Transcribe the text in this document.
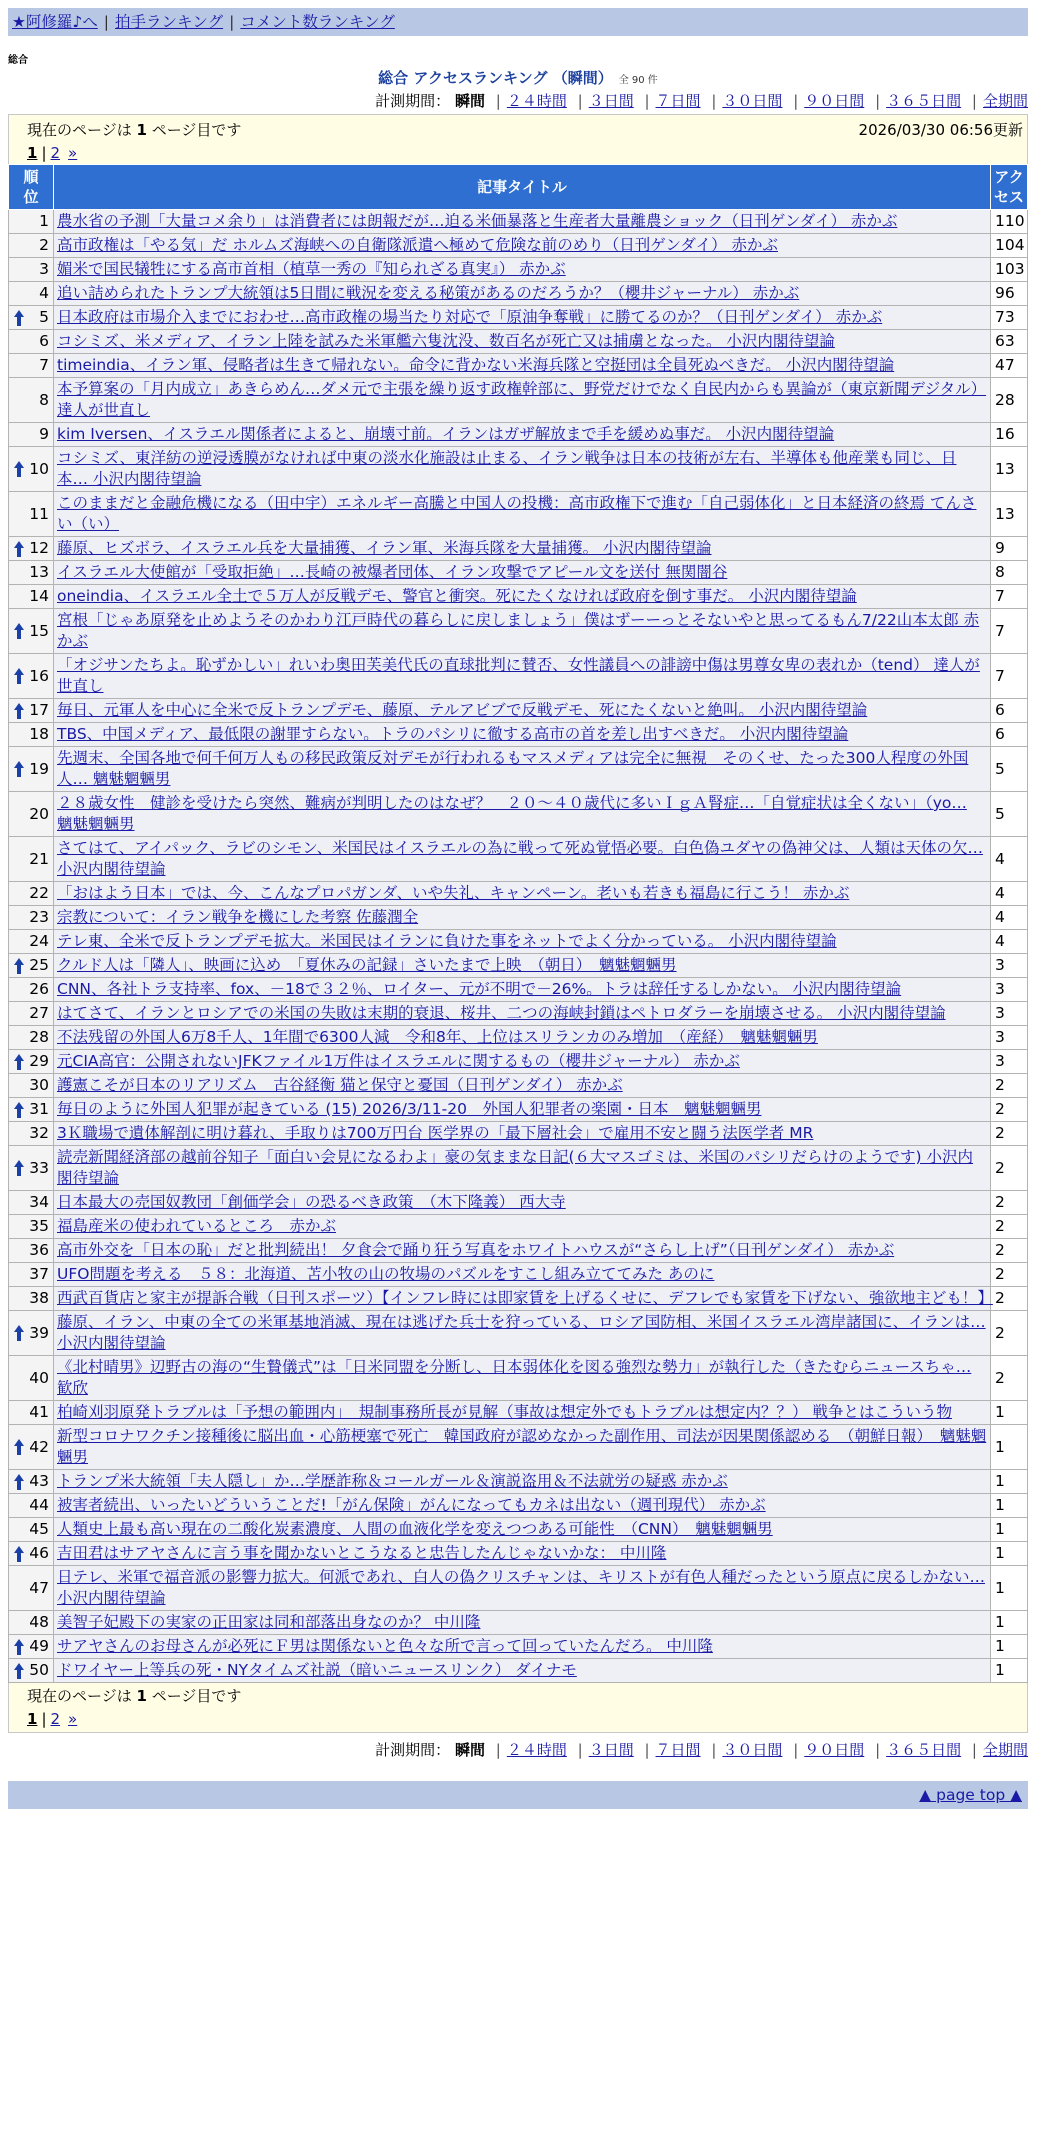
★阿修羅♪へ | 拍手ランキング | コメント数ランキング
総合
総合 アクセスランキング （瞬間） 全 90 件
計測期間： 瞬間 | ２４時間 | ３日間 | ７日間 | ３０日間 | ９０日間 | ３６５日間 | 全期間
現在のページは 1 ページ目です	2026/03/30 06:56更新
1 | 2 »
順位	記事タイトル	アクセス
1	農水省の予測「大量コメ余り」は消費者には朗報だが…迫る米価暴落と生産者大量離農ショック（日刊ゲンダイ） 赤かぶ	110
2	高市政権は「やる気」だ ホルムズ海峡への自衛隊派遣へ極めて危険な前のめり（日刊ゲンダイ） 赤かぶ	104
3	媚米で国民犠牲にする高市首相（植草一秀の『知られざる真実』） 赤かぶ	103
4	追い詰められたトランプ大統領は5日間に戦況を変える秘策があるのだろうか？（櫻井ジャーナル） 赤かぶ	96

5	日本政府は市場介入までにおわせ…高市政権の場当たり対応で「原油争奪戦」に勝てるのか？（日刊ゲンダイ） 赤かぶ	73
6	コシミズ、米メディア、イラン上陸を試みた米軍艦六隻沈没、数百名が死亡又は捕虜となった。 小沢内閣待望論	63
7	timeindia、イラン軍、侵略者は生きて帰れない。命令に背かない米海兵隊と空挺団は全員死ぬべきだ。 小沢内閣待望論	47
8	本予算案の「月内成立」あきらめん…ダメ元で主張を繰り返す政権幹部に、野党だけでなく自民内からも異論が（東京新聞デジタル） 達人が世直し	28
9	kim Iversen、イスラエル関係者によると、崩壊寸前。イランはガザ解放まで手を緩めぬ事だ。 小沢内閣待望論	16

10	コシミズ、東洋紡の逆浸透膜がなければ中東の淡水化施設は止まる、イラン戦争は日本の技術が左右、半導体も他産業も同じ、日本… 小沢内閣待望論	13
11	このままだと金融危機になる（田中宇）エネルギー高騰と中国人の投機：高市政権下で進む「自己弱体化」と日本経済の終焉 てんさい（い）	13

12	藤原、ヒズボラ、イスラエル兵を大量捕獲、イラン軍、米海兵隊を大量捕獲。 小沢内閣待望論	9
13	イスラエル大使館が「受取拒絶」…長崎の被爆者団体、イラン攻撃でアピール文を送付 無関闇谷	8
14	oneindia、イスラエル全土で５万人が反戦デモ、警官と衝突。死にたくなければ政府を倒す事だ。 小沢内閣待望論	7

15	宮根「じゃあ原発を止めようそのかわり江戸時代の暮らしに戻しましょう」僕はずーーっとそないやと思ってるもん7/22山本太郎 赤かぶ	7

16	「オジサンたちよ。恥ずかしい」れいわ奥田芙美代氏の直球批判に賛否、女性議員への誹謗中傷は男尊女卑の表れか（tend） 達人が世直し	7

17	毎日、元軍人を中心に全米で反トランプデモ、藤原、テルアビブで反戦デモ、死にたくないと絶叫。 小沢内閣待望論	6
18	TBS、中国メディア、最低限の謝罪すらない。トラのパシリに徹する高市の首を差し出すべきだ。 小沢内閣待望論	6

19	先週末、全国各地で何千何万人もの移民政策反対デモが行われるもマスメディアは完全に無視　そのくせ、たった300人程度の外国人… 魑魅魍魎男	5
20	２８歳女性　健診を受けたら突然、難病が判明したのはなぜ？　２０～４０歳代に多いＩｇＡ腎症…「自覚症状は全くない」（yo… 魑魅魍魎男	5
21	さてはて、アイパック、ラビのシモン、米国民はイスラエルの為に戦って死ぬ覚悟必要。白色偽ユダヤの偽神父は、人類は天体の欠… 小沢内閣待望論	4
22	「おはよう日本」では、今、こんなプロパガンダ、いや失礼、キャンペーン。老いも若きも福島に行こう！ 赤かぶ	4
23	宗教について：イラン戦争を機にした考察 佐藤潤全	4
24	テレ東、全米で反トランプデモ拡大。米国民はイランに負けた事をネットでよく分かっている。 小沢内閣待望論	4

25	クルド人は「隣人」、映画に込め　「夏休みの記録」さいたまで上映　（朝日）　魑魅魍魎男	3
26	CNN、各社トラ支持率、fox、－18で３２％、ロイター、元が不明で－26%。トラは辞任するしかない。 小沢内閣待望論	3
27	はてさて、イランとロシアでの米国の失敗は末期的衰退、桜井、二つの海峡封鎖はペトロダラーを崩壊させる。 小沢内閣待望論	3
28	不法残留の外国人6万8千人、1年間で6300人減　令和8年、上位はスリランカのみ増加　（産経）　魑魅魍魎男	3

29	元CIA高官：公開されないJFKファイル1万件はイスラエルに関するもの（櫻井ジャーナル） 赤かぶ	3
30	護憲こそが日本のリアリズム　古谷経衡 猫と保守と憂国（日刊ゲンダイ） 赤かぶ	2

31	毎日のように外国人犯罪が起きている (15) 2026/3/11-20　外国人犯罪者の楽園・日本　魑魅魍魎男	2
32	3Ｋ職場で遺体解剖に明け暮れ、手取りは700万円台 医学界の「最下層社会」で雇用不安と闘う法医学者 MR	2

33	読売新聞経済部の越前谷知子「面白い会見になるわよ」豪の気ままな日記(６大マスゴミは、米国のパシリだらけのようです) 小沢内閣待望論	2
34	日本最大の売国奴教団「創価学会」の恐るべき政策　（木下隆義） 西大寺	2
35	福島産米の使われているところ　赤かぶ	2
36	高市外交を「日本の恥」だと批判続出！ 夕食会で踊り狂う写真をホワイトハウスが“さらし上げ”（日刊ゲンダイ） 赤かぶ	2
37	UFO問題を考える　５８：北海道、苫小牧の山の牧場のパズルをすこし組み立ててみた あのに	2
38	西武百貨店と家主が提訴合戦（日刊スポーツ）【インフレ時には即家賃を上げるくせに、デフレでも家賃を下げない、強欲地主ども！】	2

39	藤原、イラン、中東の全ての米軍基地消滅、現在は逃げた兵士を狩っている、ロシア国防相、米国イスラエル湾岸諸国に、イランは… 小沢内閣待望論	2
40	《北村晴男》辺野古の海の“生贄儀式”は「日米同盟を分断し、日本弱体化を図る強烈な勢力」が執行した（きたむらニュースちゃ… 歓欣	2
41	柏崎刈羽原発トラブルは「予想の範囲内」　規制事務所長が見解（事故は想定外でもトラブルは想定内？？） 戦争とはこういう物	1

42	新型コロナワクチン接種後に脳出血・心筋梗塞で死亡　韓国政府が認めなかった副作用、司法が因果関係認める　（朝鮮日報）　魑魅魍魎男	1

43	トランプ米大統領「夫人隠し」か…学歴詐称＆コールガール＆演説盗用＆不法就労の疑惑 赤かぶ	1
44	被害者続出、いったいどういうことだ!「がん保険」がんになってもカネは出ない（週刊現代） 赤かぶ	1
45	人類史上最も高い現在の二酸化炭素濃度、人間の血液化学を変えつつある可能性　（CNN）　魑魅魍魎男	1

46	吉田君はサアヤさんに言う事を聞かないとこうなると忠告したんじゃないかな： 中川隆	1
47	日テレ、米軍で福音派の影響力拡大。何派であれ、白人の偽クリスチャンは、キリストが有色人種だったという原点に戻るしかない… 小沢内閣待望論	1
48	美智子妃殿下の実家の正田家は同和部落出身なのか？ 中川隆	1

49	サアヤさんのお母さんが必死にＦ男は関係ないと色々な所で言って回っていたんだろ。 中川隆	1

50	ドワイヤー上等兵の死・NYタイムズ社説（暗いニュースリンク） ダイナモ	1
現在のページは 1 ページ目です
1 | 2 »
計測期間： 瞬間 | ２４時間 | ３日間 | ７日間 | ３０日間 | ９０日間 | ３６５日間 | 全期間
▲ page top ▲
